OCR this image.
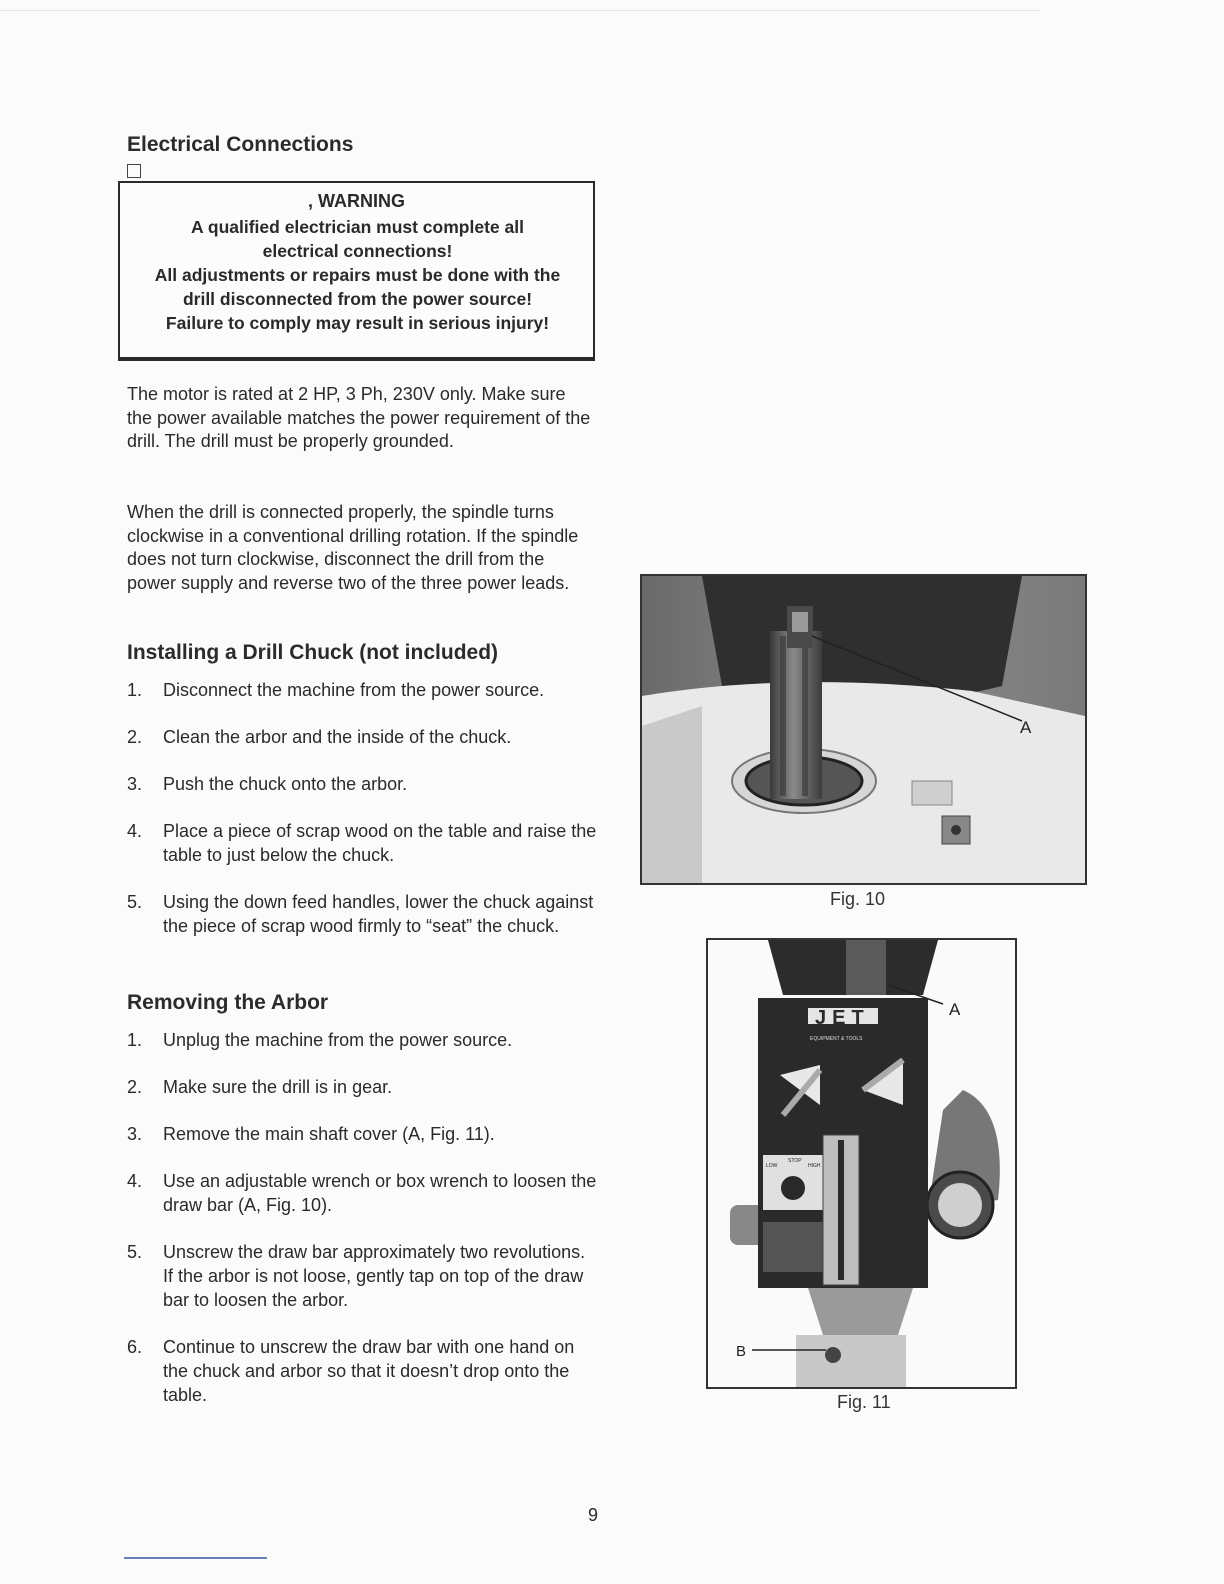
Electrical Connections
, WARNING
A qualified electrician must complete all
electrical connections!
All adjustments or repairs must be done with the
drill disconnected from the power source!
Failure to comply may result in serious injury!

The motor is rated at 2 HP, 3 Ph, 230V only. Make sure the power available matches the power requirement of the drill. The drill must be properly grounded.

When the drill is connected properly, the spindle turns clockwise in a conventional drilling rotation. If the spindle does not turn clockwise, disconnect the drill from the power supply and reverse two of the three power leads.

Installing a Drill Chuck (not included)
1. Disconnect the machine from the power source.
2. Clean the arbor and the inside of the chuck.
3. Push the chuck onto the arbor.
4. Place a piece of scrap wood on the table and raise the table to just below the chuck.
5. Using the down feed handles, lower the chuck against the piece of scrap wood firmly to “seat” the chuck.
Removing the Arbor
1. Unplug the machine from the power source.
2. Make sure the drill is in gear.
3. Remove the main shaft cover (A, Fig. 11).
4. Use an adjustable wrench or box wrench to loosen the draw bar (A, Fig. 10).
5. Unscrew the draw bar approximately two revolutions. If the arbor is not loose, gently tap on top of the draw bar to loosen the arbor.
6. Continue to unscrew the draw bar with one hand on the chuck and arbor so that it doesn’t drop onto the table.
A
Fig. 10
JET
EQUIPMENT & TOOLS
LOW
STOP
HIGH
A
B
Fig. 11
9
